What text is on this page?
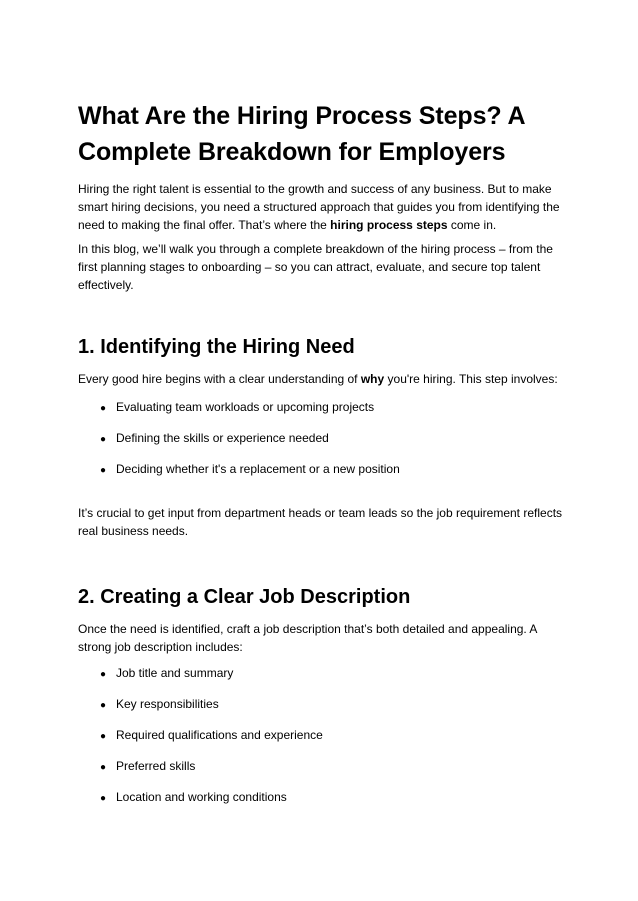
What Are the Hiring Process Steps? A Complete Breakdown for Employers

Hiring the right talent is essential to the growth and success of any business. But to make smart hiring decisions, you need a structured approach that guides you from identifying the need to making the final offer. That’s where the hiring process steps come in.

In this blog, we’ll walk you through a complete breakdown of the hiring process – from the first planning stages to onboarding – so you can attract, evaluate, and secure top talent effectively.

1. Identifying the Hiring Need

Every good hire begins with a clear understanding of why you're hiring. This step involves:

● Evaluating team workloads or upcoming projects
● Defining the skills or experience needed
● Deciding whether it's a replacement or a new position

It’s crucial to get input from department heads or team leads so the job requirement reflects real business needs.

2. Creating a Clear Job Description

Once the need is identified, craft a job description that’s both detailed and appealing. A strong job description includes:

● Job title and summary
● Key responsibilities
● Required qualifications and experience
● Preferred skills
● Location and working conditions
